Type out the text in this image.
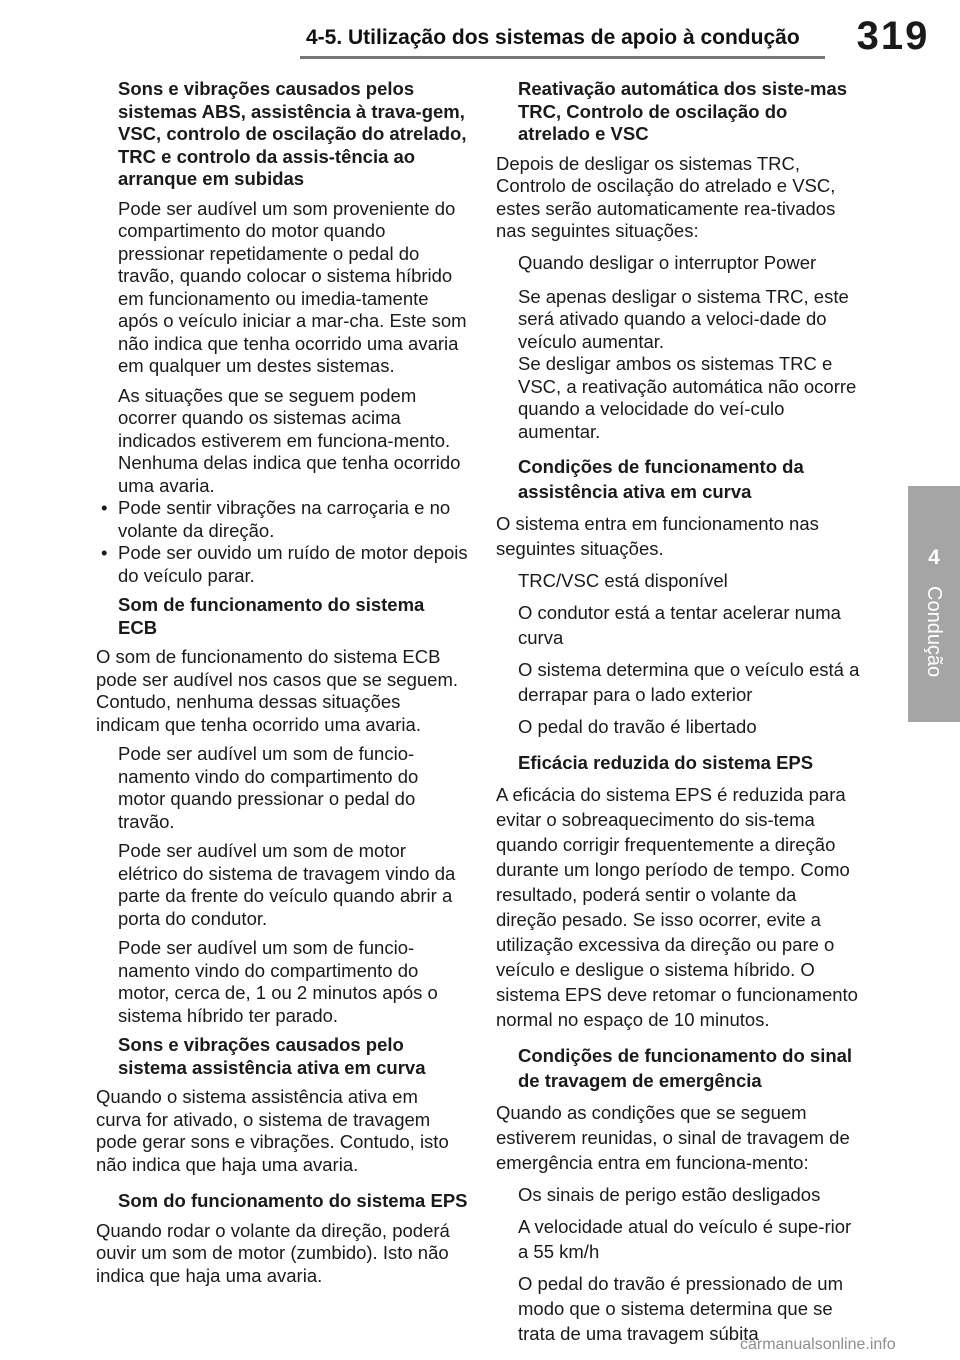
4-5. Utilização dos sistemas de apoio à condução	319
4
Condução
Sons e vibrações causados pelos sistemas ABS, assistência à trava-gem, VSC, controlo de oscilação do atrelado, TRC e controlo da assis-tência ao arranque em subidas
Pode ser audível um som proveniente do compartimento do motor quando pressionar repetidamente o pedal do travão, quando colocar o sistema híbrido em funcionamento ou imedia-tamente após o veículo iniciar a mar-cha. Este som não indica que tenha ocorrido uma avaria em qualquer um destes sistemas.
As situações que se seguem podem ocorrer quando os sistemas acima indicados estiverem em funciona-mento. Nenhuma delas indica que tenha ocorrido uma avaria.
• Pode sentir vibrações na carroçaria e no volante da direção.
• Pode ser ouvido um ruído de motor depois do veículo parar.
Som de funcionamento do sistema ECB
O som de funcionamento do sistema ECB pode ser audível nos casos que se seguem. Contudo, nenhuma dessas situações indicam que tenha ocorrido uma avaria.
Pode ser audível um som de funcio-namento vindo do compartimento do motor quando pressionar o pedal do travão.
Pode ser audível um som de motor elétrico do sistema de travagem vindo da parte da frente do veículo quando abrir a porta do condutor.
Pode ser audível um som de funcio-namento vindo do compartimento do motor, cerca de, 1 ou 2 minutos após o sistema híbrido ter parado.
Sons e vibrações causados pelo sistema assistência ativa em curva
Quando o sistema assistência ativa em curva for ativado, o sistema de travagem pode gerar sons e vibrações. Contudo, isto não indica que haja uma avaria.
Som do funcionamento do sistema EPS
Quando rodar o volante da direção, poderá ouvir um som de motor (zumbido). Isto não indica que haja uma avaria.
Reativação automática dos siste-mas TRC, Controlo de oscilação do atrelado e VSC
Depois de desligar os sistemas TRC, Controlo de oscilação do atrelado e VSC, estes serão automaticamente rea-tivados nas seguintes situações:
Quando desligar o interruptor Power
Se apenas desligar o sistema TRC, este será ativado quando a veloci-dade do veículo aumentar.
Se desligar ambos os sistemas TRC e VSC, a reativação automática não ocorre quando a velocidade do veí-culo aumentar.
Condições de funcionamento da assistência ativa em curva
O sistema entra em funcionamento nas seguintes situações.
TRC/VSC está disponível
O condutor está a tentar acelerar numa curva
O sistema determina que o veículo está a derrapar para o lado exterior
O pedal do travão é libertado
Eficácia reduzida do sistema EPS
A eficácia do sistema EPS é reduzida para evitar o sobreaquecimento do sis-tema quando corrigir frequentemente a direção durante um longo período de tempo. Como resultado, poderá sentir o volante da direção pesado. Se isso ocorrer, evite a utilização excessiva da direção ou pare o veículo e desligue o sistema híbrido. O sistema EPS deve retomar o funcionamento normal no espaço de 10 minutos.
Condições de funcionamento do sinal de travagem de emergência
Quando as condições que se seguem estiverem reunidas, o sinal de travagem de emergência entra em funciona-mento:
Os sinais de perigo estão desligados
A velocidade atual do veículo é supe-rior a 55 km/h
O pedal do travão é pressionado de um modo que o sistema determina que se trata de uma travagem súbita
carmanualsonline.info
